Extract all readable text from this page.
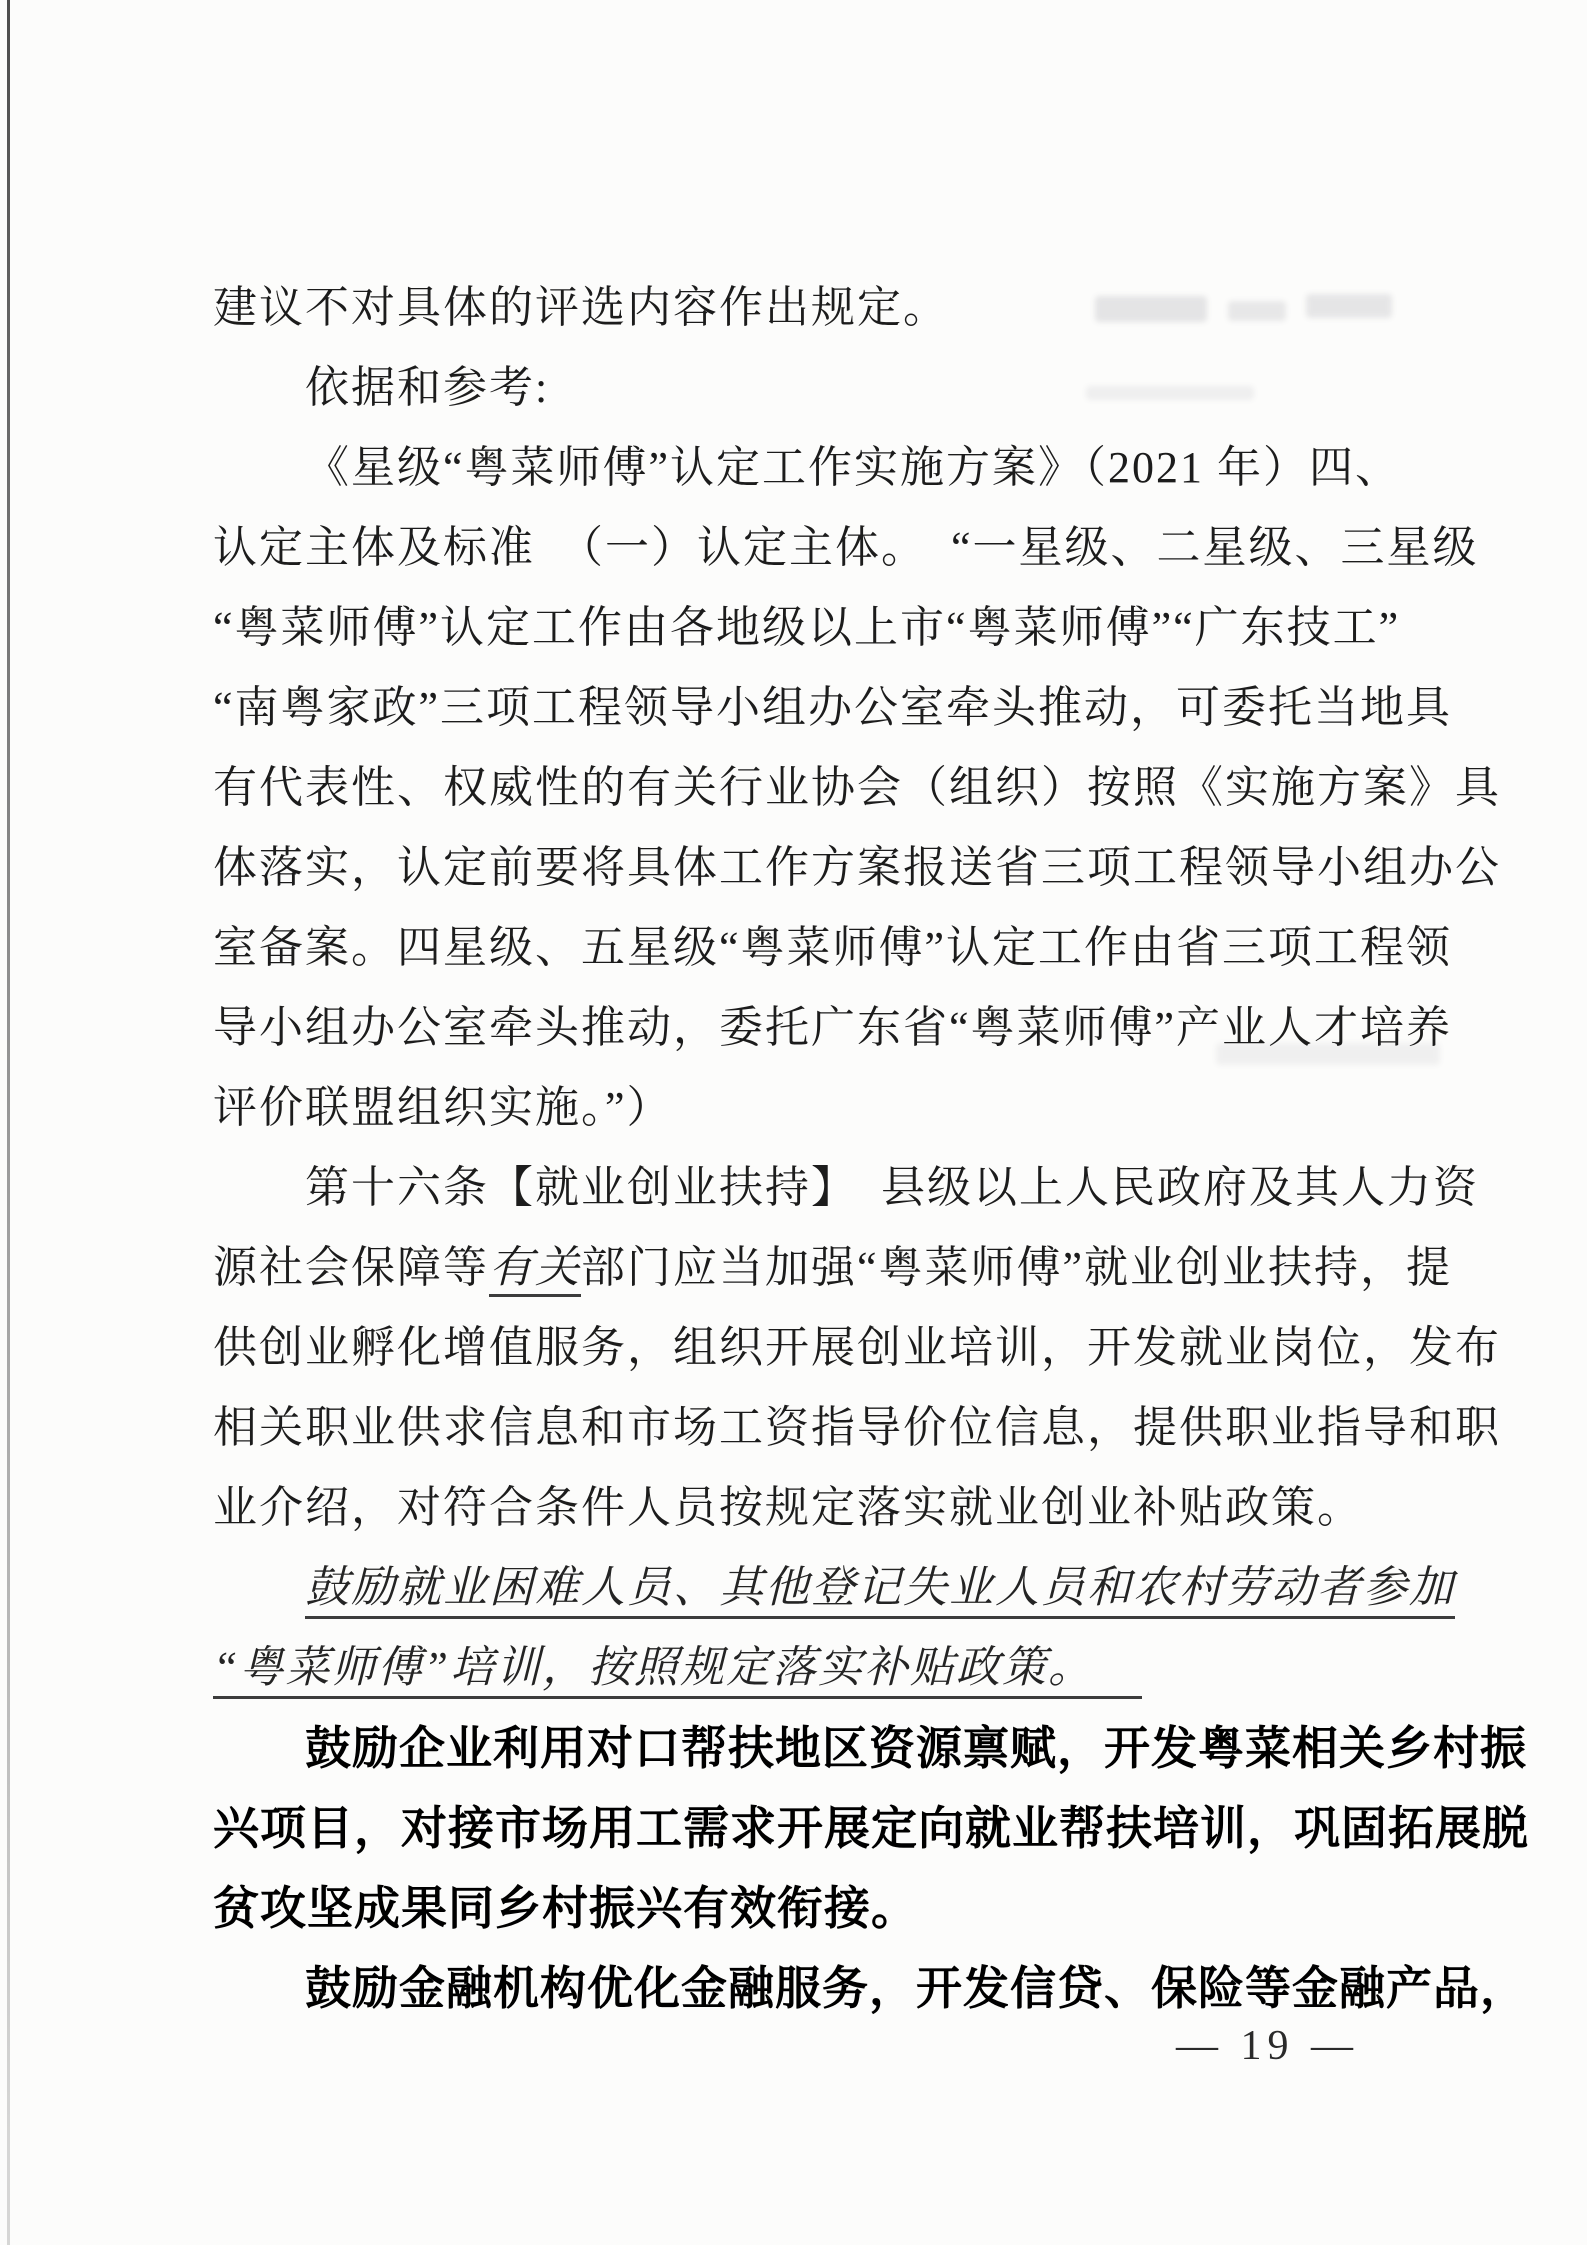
建议不对具体的评选内容作出规定。
依据和参考:
《星级“粤菜师傅”认定工作实施方案》（2021 年）四、
认定主体及标准　（一）认定主体。　“一星级、二星级、三星级
“粤菜师傅”认定工作由各地级以上市“粤菜师傅”“广东技工”
“南粤家政”三项工程领导小组办公室牵头推动，可委托当地具
有代表性、权威性的有关行业协会（组织）按照《实施方案》具
体落实，认定前要将具体工作方案报送省三项工程领导小组办公
室备案。四星级、五星级“粤菜师傅”认定工作由省三项工程领
导小组办公室牵头推动，委托广东省“粤菜师傅”产业人才培养
评价联盟组织实施。”）
第十六条【就业创业扶持】　县级以上人民政府及其人力资
源社会保障等有关部门应当加强“粤菜师傅”就业创业扶持，提
供创业孵化增值服务，组织开展创业培训，开发就业岗位，发布
相关职业供求信息和市场工资指导价位信息，提供职业指导和职
业介绍，对符合条件人员按规定落实就业创业补贴政策。
鼓励就业困难人员、其他登记失业人员和农村劳动者参加
“粤菜师傅”培训，按照规定落实补贴政策。
鼓励企业利用对口帮扶地区资源禀赋，开发粤菜相关乡村振
兴项目，对接市场用工需求开展定向就业帮扶培训，巩固拓展脱
贫攻坚成果同乡村振兴有效衔接。
鼓励金融机构优化金融服务，开发信贷、保险等金融产品，
— 19 —
